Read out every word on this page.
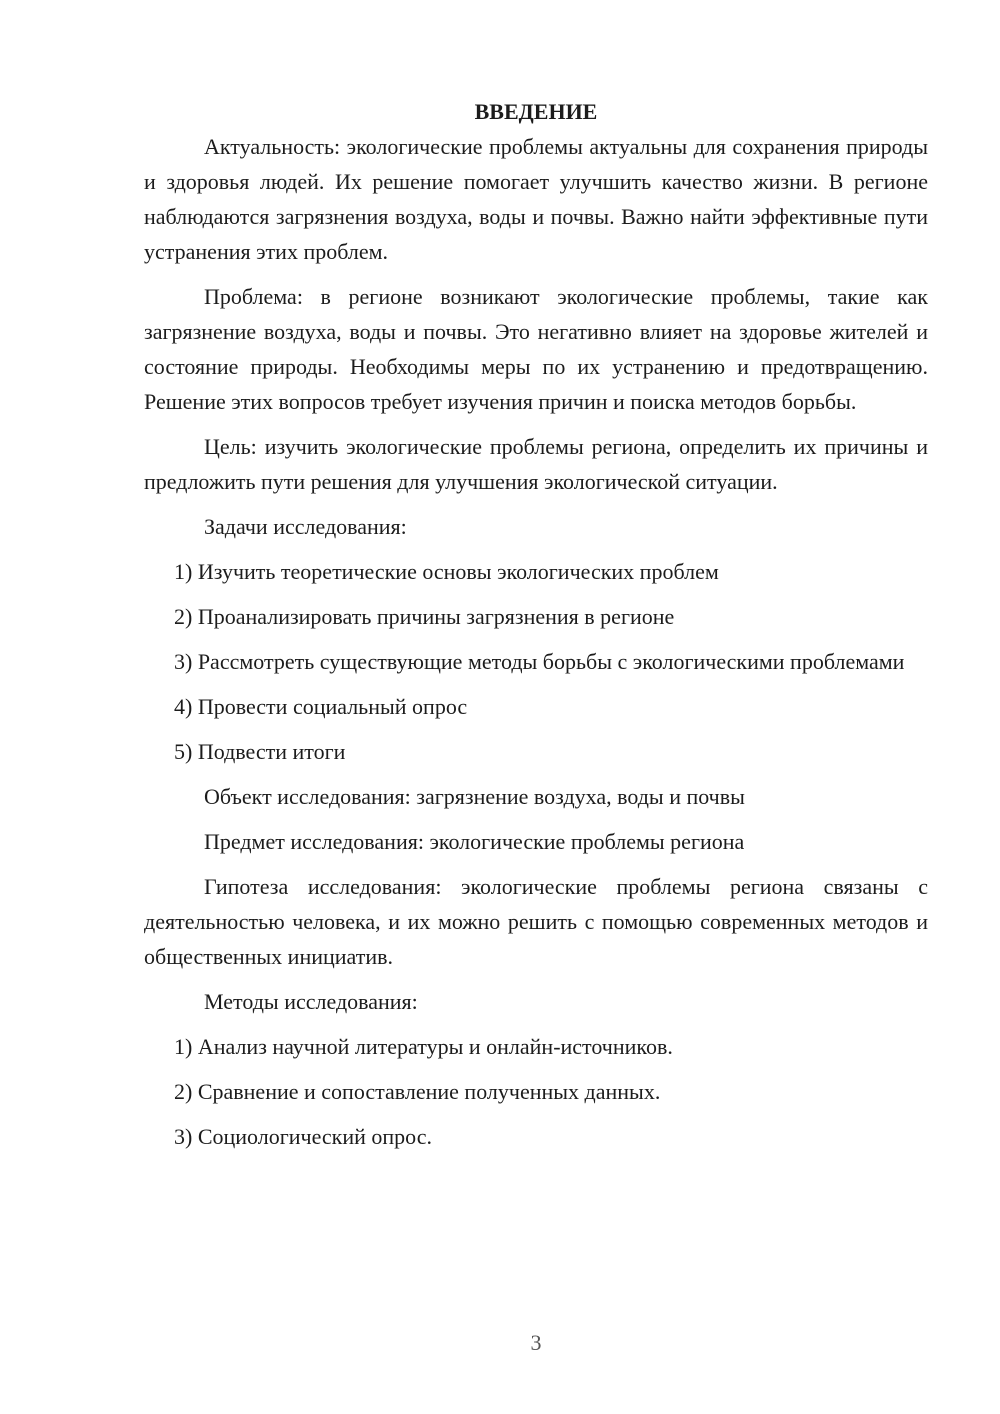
ВВЕДЕНИЕ

Актуальность: экологические проблемы актуальны для сохранения природы и здоровья людей. Их решение помогает улучшить качество жизни. В регионе наблюдаются загрязнения воздуха, воды и почвы. Важно найти эффективные пути устранения этих проблем.

Проблема: в регионе возникают экологические проблемы, такие как загрязнение воздуха, воды и почвы. Это негативно влияет на здоровье жителей и состояние природы. Необходимы меры по их устранению и предотвращению. Решение этих вопросов требует изучения причин и поиска методов борьбы.

Цель: изучить экологические проблемы региона, определить их причины и предложить пути решения для улучшения экологической ситуации.

Задачи исследования:

1) Изучить теоретические основы экологических проблем

2) Проанализировать причины загрязнения в регионе

3) Рассмотреть существующие методы борьбы с экологическими проблемами

4) Провести социальный опрос

5) Подвести итоги

Объект исследования: загрязнение воздуха, воды и почвы

Предмет исследования: экологические проблемы региона

Гипотеза исследования: экологические проблемы региона связаны с деятельностью человека, и их можно решить с помощью современных методов и общественных инициатив.

Методы исследования:

1) Анализ научной литературы и онлайн-источников.

2) Сравнение и сопоставление полученных данных.

3) Социологический опрос.

3
